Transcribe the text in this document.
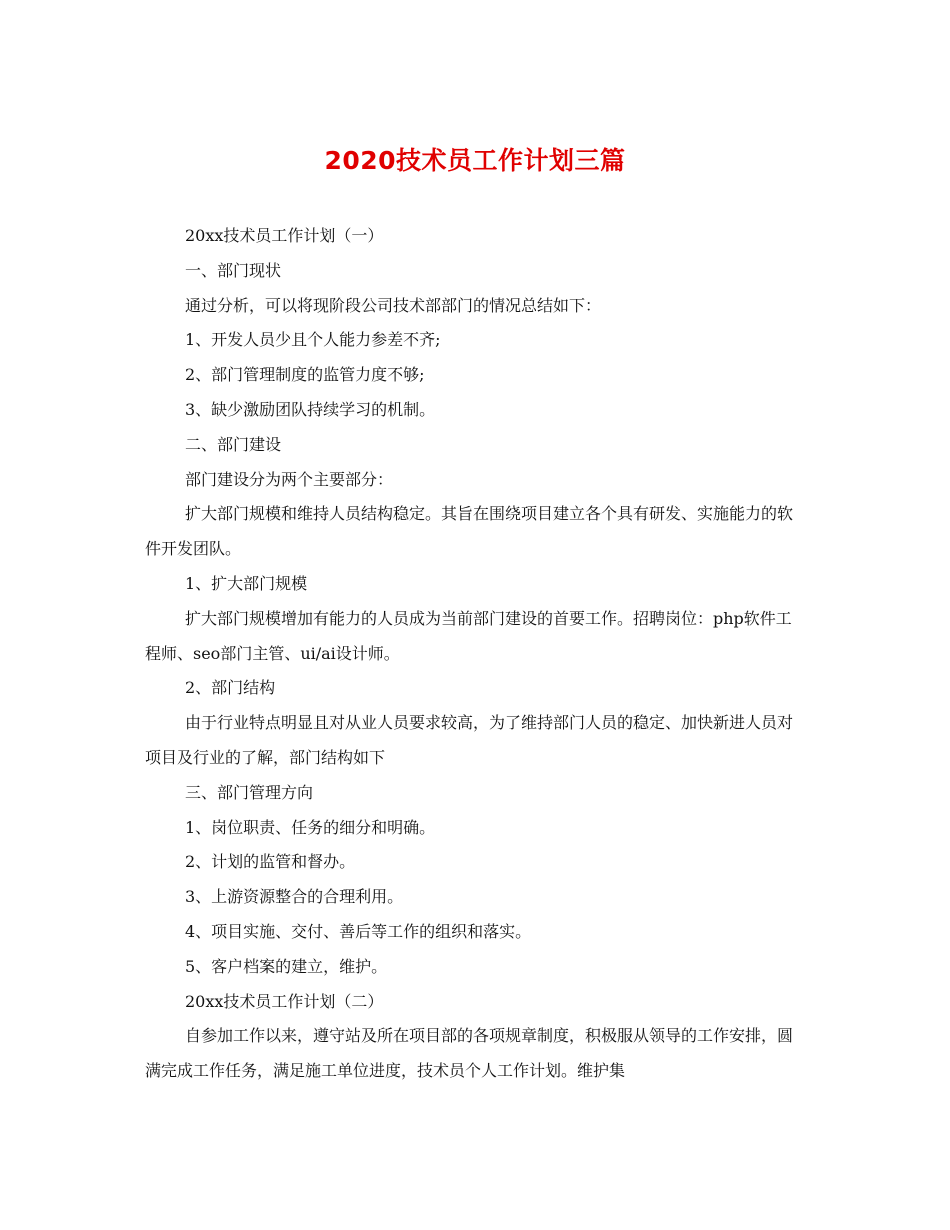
2020技术员工作计划三篇

20xx技术员工作计划（一）

一、部门现状

通过分析，可以将现阶段公司技术部部门的情况总结如下：

1、开发人员少且个人能力参差不齐;

2、部门管理制度的监管力度不够;

3、缺少激励团队持续学习的机制。

二、部门建设

部门建设分为两个主要部分：

扩大部门规模和维持人员结构稳定。其旨在围绕项目建立各个具有研发、实施能力的软件开发团队。

1、扩大部门规模

扩大部门规模增加有能力的人员成为当前部门建设的首要工作。招聘岗位：php软件工程师、seo部门主管、ui/ai设计师。

2、部门结构

由于行业特点明显且对从业人员要求较高，为了维持部门人员的稳定、加快新进人员对项目及行业的了解，部门结构如下

三、部门管理方向

1、岗位职责、任务的细分和明确。

2、计划的监管和督办。

3、上游资源整合的合理利用。

4、项目实施、交付、善后等工作的组织和落实。

5、客户档案的建立，维护。

20xx技术员工作计划（二）

自参加工作以来，遵守站及所在项目部的各项规章制度，积极服从领导的工作安排，圆满完成工作任务，满足施工单位进度，技术员个人工作计划。维护集
